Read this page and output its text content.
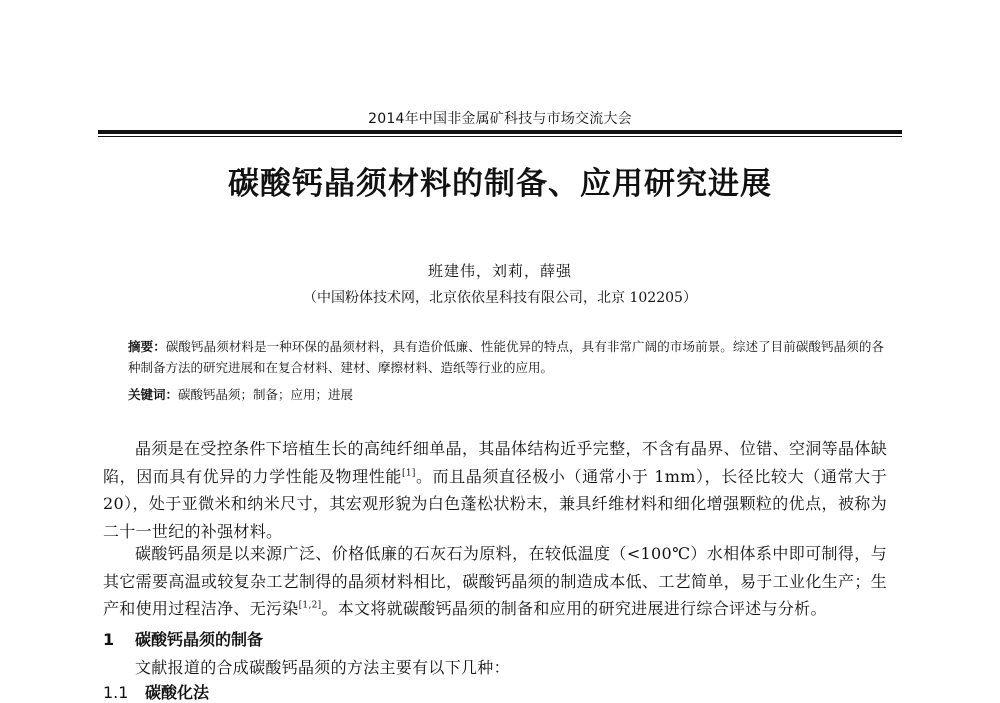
2014年中国非金属矿科技与市场交流大会
碳酸钙晶须材料的制备、应用研究进展
班建伟，刘莉，薛强
（中国粉体技术网，北京依依星科技有限公司，北京 102205）
摘要：碳酸钙晶须材料是一种环保的晶须材料，具有造价低廉、性能优异的特点，具有非常广阔的市场前景。综述了目前碳酸钙晶须的各种制备方法的研究进展和在复合材料、建材、摩擦材料、造纸等行业的应用。
关键词：碳酸钙晶须；制备；应用；进展
晶须是在受控条件下培植生长的高纯纤细单晶，其晶体结构近乎完整，不含有晶界、位错、空洞等晶体缺陷，因而具有优异的力学性能及物理性能[1]。而且晶须直径极小（通常小于 1mm），长径比较大（通常大于 20），处于亚微米和纳米尺寸，其宏观形貌为白色蓬松状粉末，兼具纤维材料和细化增强颗粒的优点，被称为二十一世纪的补强材料。
碳酸钙晶须是以来源广泛、价格低廉的石灰石为原料，在较低温度（<100℃）水相体系中即可制得，与其它需要高温或较复杂工艺制得的晶须材料相比，碳酸钙晶须的制造成本低、工艺简单，易于工业化生产；生产和使用过程洁净、无污染[1,2]。本文将就碳酸钙晶须的制备和应用的研究进展进行综合评述与分析。
1 碳酸钙晶须的制备
文献报道的合成碳酸钙晶须的方法主要有以下几种：
1.1 碳酸化法
